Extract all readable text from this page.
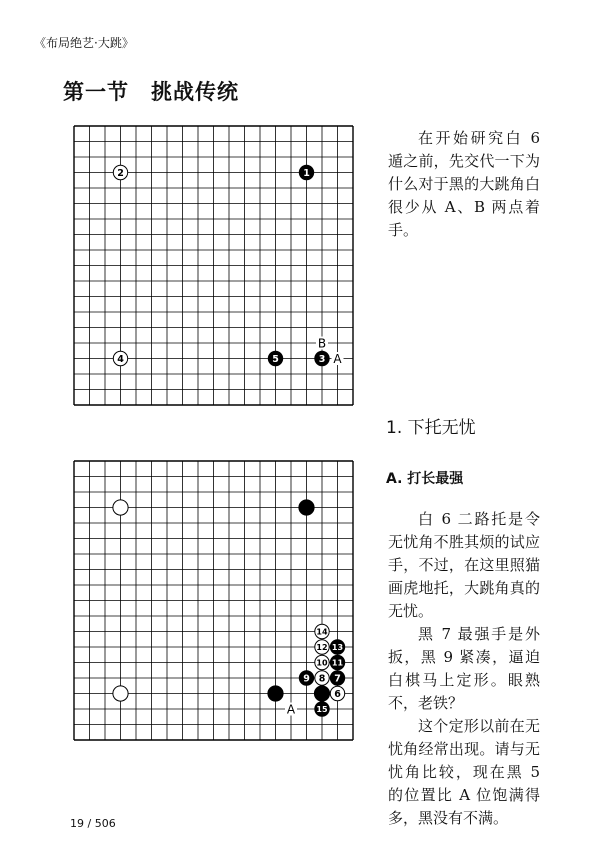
《布局绝艺·大跳》
第一节　挑战传统
B
A
2	1
4	5	3
在开始研究白 6 遁之前，先交代一下为什么对于黑的大跳角白很少从 A、B 两点着手。
1. 下托无忧
A
14
12 13
10 11
9 8 7
6
15
A. 打长最强
白 6 二路托是令无忧角不胜其烦的试应手，不过，在这里照猫画虎地托，大跳角真的无忧。
黑 7 最强手是外扳，黑 9 紧凑，逼迫白棋马上定形。眼熟不，老铁？
这个定形以前在无忧角经常出现。请与无忧角比较，现在黑 5 的位置比 A 位饱满得多，黑没有不满。
19 / 506
